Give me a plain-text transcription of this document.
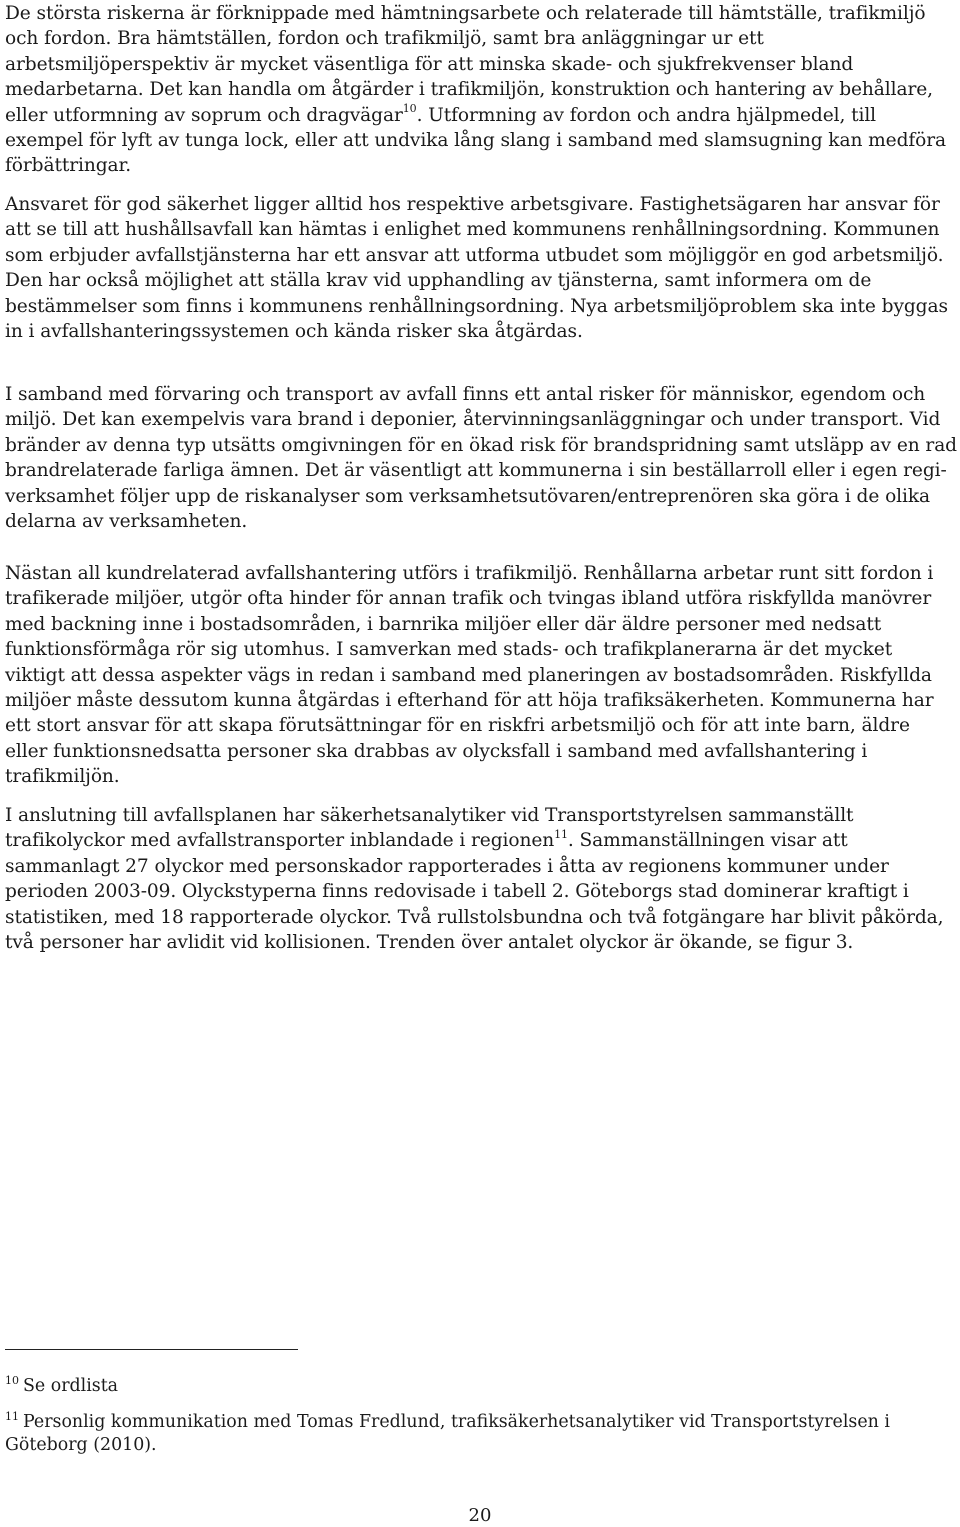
De största riskerna är förknippade med hämtningsarbete och relaterade till hämtställe, trafikmiljö och fordon. Bra hämtställen, fordon och trafikmiljö, samt bra anläggningar ur ett arbetsmiljöperspektiv är mycket väsentliga för att minska skade- och sjukfrekvenser bland medarbetarna. Det kan handla om åtgärder i trafikmiljön, konstruktion och hantering av behållare, eller utformning av soprum och dragvägar$^{10}$. Utformning av fordon och andra hjälpmedel, till exempel för lyft av tunga lock, eller att undvika lång slang i samband med slamsugning kan medföra förbättringar.

Ansvaret för god säkerhet ligger alltid hos respektive arbetsgivare. Fastighetsägaren har ansvar för att se till att hushållsavfall kan hämtas i enlighet med kommunens renhållningsordning. Kommunen som erbjuder avfallstjänsterna har ett ansvar att utforma utbudet som möjliggör en god arbetsmiljö. Den har också möjlighet att ställa krav vid upphandling av tjänsterna, samt informera om de bestämmelser som finns i kommunens renhållningsordning. Nya arbetsmiljöproblem ska inte byggas in i avfallshanteringssystemen och kända risker ska åtgärdas.

I samband med förvaring och transport av avfall finns ett antal risker för människor, egendom och miljö. Det kan exempelvis vara brand i deponier, återvinningsanläggningar och under transport. Vid bränder av denna typ utsätts omgivningen för en ökad risk för brandspridning samt utsläpp av en rad brandrelaterade farliga ämnen. Det är väsentligt att kommunerna i sin beställarroll eller i egen regi-verksamhet följer upp de riskanalyser som verksamhetsutövaren/entreprenören ska göra i de olika delarna av verksamheten.

Nästan all kundrelaterad avfallshantering utförs i trafikmiljö. Renhållarna arbetar runt sitt fordon i trafikerade miljöer, utgör ofta hinder för annan trafik och tvingas ibland utföra riskfyllda manövrer med backning inne i bostadsområden, i barnrika miljöer eller där äldre personer med nedsatt funktionsförmåga rör sig utomhus. I samverkan med stads- och trafikplanerarna är det mycket viktigt att dessa aspekter vägs in redan i samband med planeringen av bostadsområden. Riskfyllda miljöer måste dessutom kunna åtgärdas i efterhand för att höja trafiksäkerheten. Kommunerna har ett stort ansvar för att skapa förutsättningar för en riskfri arbetsmiljö och för att inte barn, äldre eller funktionsnedsatta personer ska drabbas av olycksfall i samband med avfallshantering i trafikmiljön.

I anslutning till avfallsplanen har säkerhetsanalytiker vid Transportstyrelsen sammanställt trafikolyckor med avfallstransporter inblandade i regionen$^{11}$. Sammanställningen visar att sammanlagt 27 olyckor med personskador rapporterades i åtta av regionens kommuner under perioden 2003-09. Olyckstyperna finns redovisade i tabell 2. Göteborgs stad dominerar kraftigt i statistiken, med 18 rapporterade olyckor. Två rullstolsbundna och två fotgängare har blivit påkörda, två personer har avlidit vid kollisionen. Trenden över antalet olyckor är ökande, se figur 3.

$^{10}$ Se ordlista

$^{11}$ Personlig kommunikation med Tomas Fredlund, trafiksäkerhetsanalytiker vid Transportstyrelsen i Göteborg (2010).

20
